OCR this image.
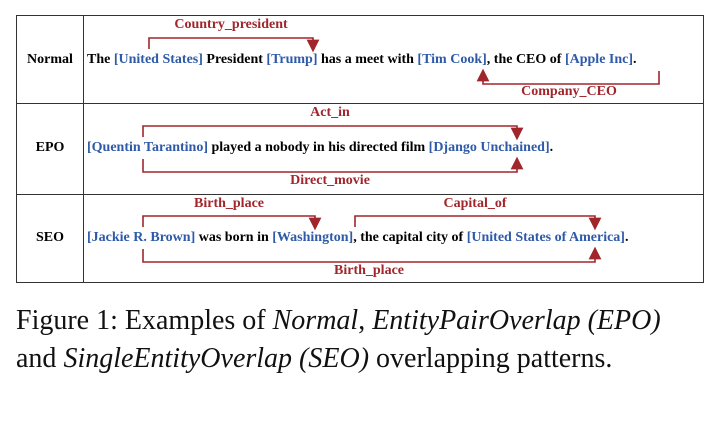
Normal
EPO
SEO
The [United States] President [Trump] has a meet with [Tim Cook], the CEO of [Apple Inc].
[Quentin Tarantino] played a nobody in his directed film [Django Unchained].
[Jackie R. Brown] was born in [Washington], the capital city of [United States of America].
Country_president
Company_CEO
Act_in
Direct_movie
Birth_place	Capital_of
Birth_place
Figure 1: Examples of Normal, EntityPairOverlap (EPO) and SingleEntityOverlap (SEO) overlapping patterns.
